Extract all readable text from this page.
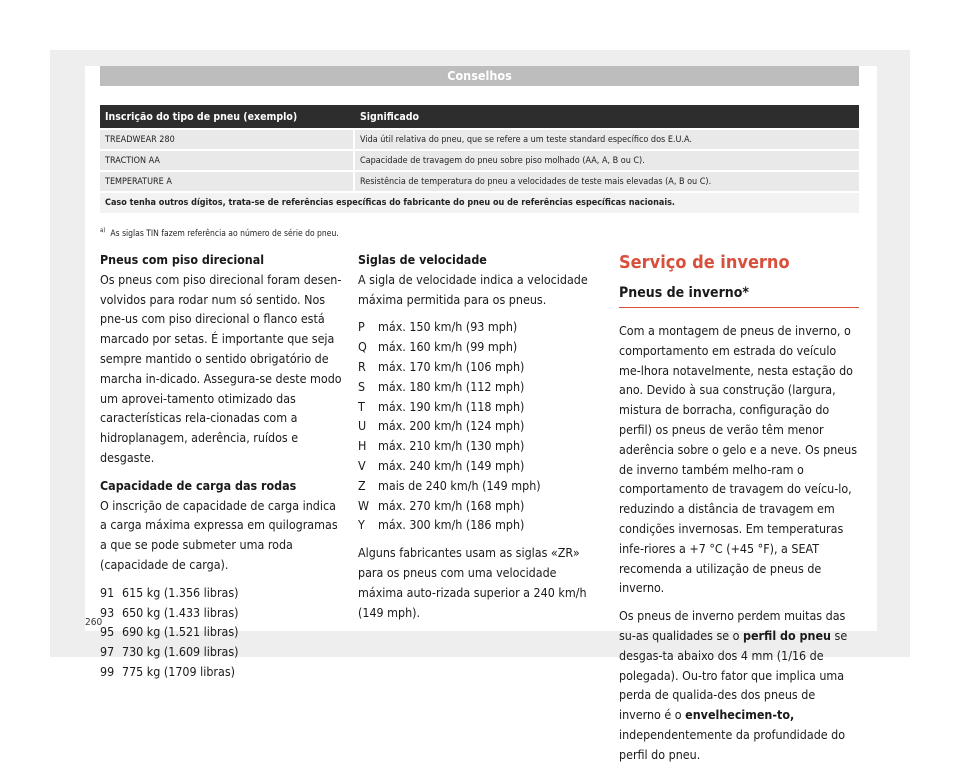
Conselhos
Inscrição do tipo de pneu (exemplo)	Significado
TREADWEAR 280	Vida útil relativa do pneu, que se refere a um teste standard específico dos E.U.A.
TRACTION AA	Capacidade de travagem do pneu sobre piso molhado (AA, A, B ou C).
TEMPERATURE A	Resistência de temperatura do pneu a velocidades de teste mais elevadas (A, B ou C).
Caso tenha outros dígitos, trata-se de referências específicas do fabricante do pneu ou de referências específicas nacionais.	
$^{a)}$ As siglas TIN fazem referência ao número de série do pneu.
Pneus com piso direcional

Os pneus com piso direcional foram desen-volvidos para rodar num só sentido. Nos pne-us com piso direcional o flanco está marcado por setas. É importante que seja sempre mantido o sentido obrigatório de marcha in-dicado. Assegura-se deste modo um aprovei-tamento otimizado das características rela-cionadas com a hidroplanagem, aderência, ruídos e desgaste.

Capacidade de carga das rodas

O inscrição de capacidade de carga indica a carga máxima expressa em quilogramas a que se pode submeter uma roda (capacidade de carga).

91 615 kg (1.356 libras)
93 650 kg (1.433 libras)
95 690 kg (1.521 libras)
97 730 kg (1.609 libras)
99 775 kg (1709 libras)
Siglas de velocidade

A sigla de velocidade indica a velocidade máxima permitida para os pneus.

P	máx. 150 km/h (93 mph)
Q máx. 160 km/h (99 mph)
R máx. 170 km/h (106 mph)
S	máx. 180 km/h (112 mph)
T	máx. 190 km/h (118 mph)
U máx. 200 km/h (124 mph)
H máx. 210 km/h (130 mph)
V máx. 240 km/h (149 mph)
Z mais de 240 km/h (149 mph)
W máx. 270 km/h (168 mph)
Y	máx. 300 km/h (186 mph)

Alguns fabricantes usam as siglas «ZR» para os pneus com uma velocidade máxima auto-rizada superior a 240 km/h (149 mph).

Serviço de inverno
Pneus de inverno*

Com a montagem de pneus de inverno, o comportamento em estrada do veículo me-lhora notavelmente, nesta estação do ano. Devido à sua construção (largura, mistura de borracha, configuração do perfil) os pneus de verão têm menor aderência sobre o gelo e a neve. Os pneus de inverno também melho-ram o comportamento de travagem do veícu-lo, reduzindo a distância de travagem em condições invernosas. Em temperaturas infe-riores a +7 °C (+45 °F), a SEAT recomenda a utilização de pneus de inverno.

Os pneus de inverno perdem muitas das su-as qualidades se o perfil do pneu se desgas-ta abaixo dos 4 mm (1/16 de polegada). Ou-tro fator que implica uma perda de qualida-des dos pneus de inverno é o envelhecimen-to, independentemente da profundidade do perfil do pneu.

260
